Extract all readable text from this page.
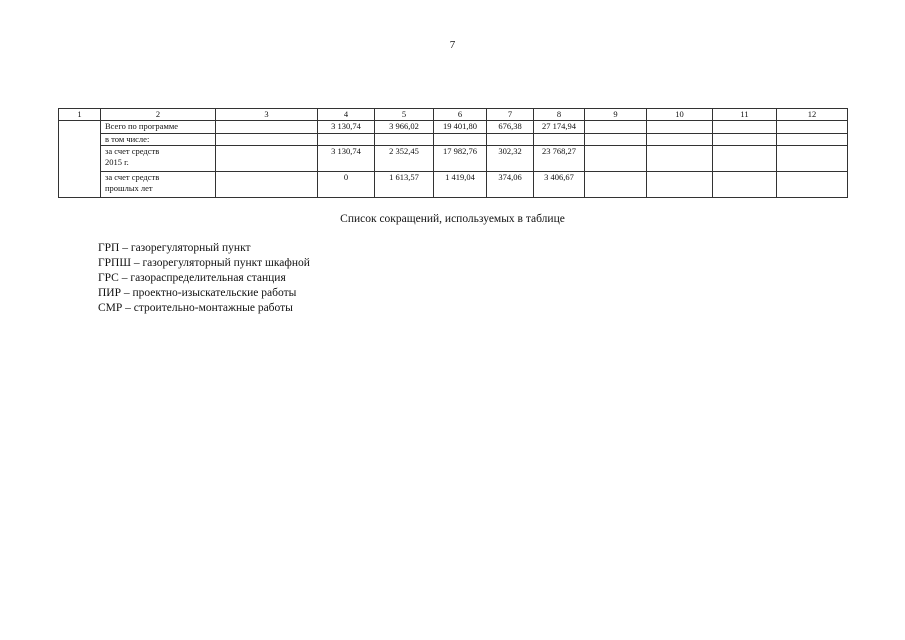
7
1	2	3	4	5	6	7	8	9	10	11	12
	Всего по программе		3 130,74	3 966,02	19 401,80	676,38	27 174,94				
	в том числе:										
	за счет средств
2015 г.		3 130,74	2 352,45	17 982,76	302,32	23 768,27				
	за счет средств
прошлых лет		0	1 613,57	1 419,04	374,06	3 406,67				
Список сокращений, используемых в таблице
ГРП – газорегуляторный пункт
ГРПШ – газорегуляторный пункт шкафной
ГРС – газораспределительная станция
ПИР – проектно-изыскательские работы
СМР – строительно-монтажные работы
